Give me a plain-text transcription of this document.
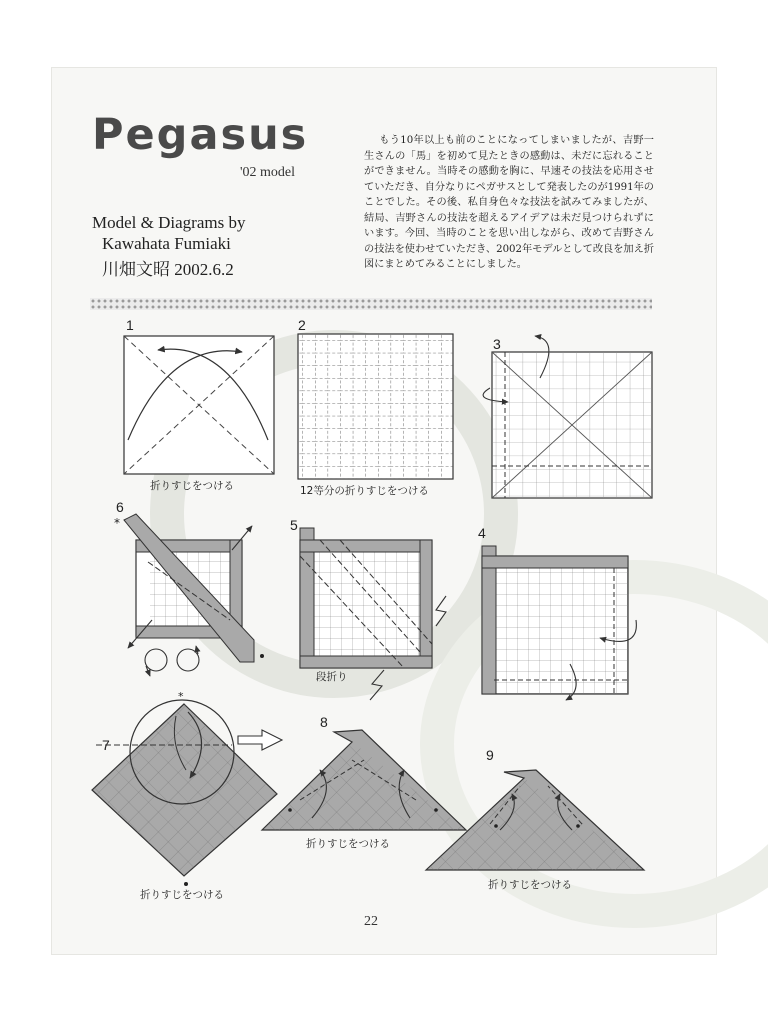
Pegasus
'02 model
Model & Diagrams by
Kawahata Fumiaki
川畑文昭 2002.6.2

もう10年以上も前のことになってしまいましたが、吉野一生さんの「馬」を初めて見たときの感動は、未だに忘れることができません。当時その感動を胸に、早速その技法を応用させていただき、自分なりにペガサスとして発表したのが1991年のことでした。その後、私自身色々な技法を試みてみましたが、結局、吉野さんの技法を超えるアイデアは未だ見つけられずにいます。今回、当時のことを思い出しながら、改めて吉野さんの技法を使わせていただき、2002年モデルとして改良を加え折図にまとめてみることにしました。

1
折りすじをつける
2
12等分の折りすじをつける
3
4
5
段折り
6
*
7
*
折りすじをつける
8
折りすじをつける
9
折りすじをつける
22
